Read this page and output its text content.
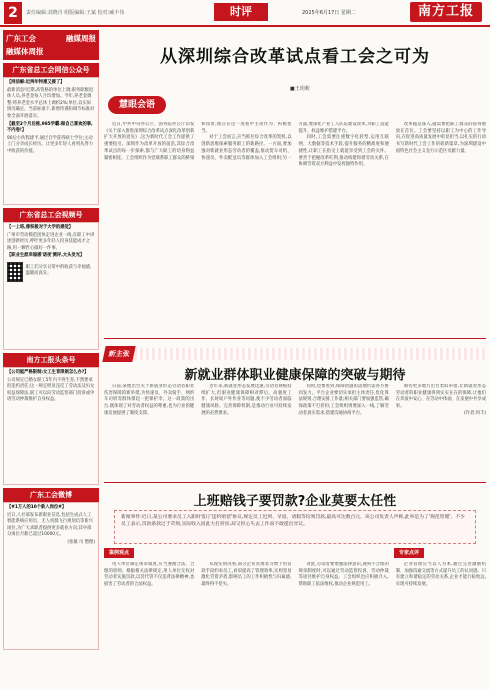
2	责任编辑:刘晓丹 组版编辑:王斌 校对:臧丰伟	时评	2025年6月17日 星期二	南方工报
广东工会	融媒周报
融媒体周报
广东省总工会网信公众号

【网信解:近两年特惠又援了】

最新消息!近期,高资格的单位上调;职务职级退休人员,养老金每人月均增加。今年,养老金调整:将养老金水平总体上调约2%;单位,以实际情况确定。当前标准下,新增待遇和调节标准对象全面开展落实。

【截至2个月后推,985学霸:做自己喜欢的事,不内卷!】

90后小伙程建平,通过自学获得硕士学位;主动上门分享成长经历。让更多年轻人看到从努力中收获的价值。

广东省总工会视频号

【一上班,像积极对于大学的感觉】

广州市劳动模范团体走进企业一线,在职工中讲述创新经历,呼吁更多年轻人投身技能成才之路,用一颗匠心做好一件事。

【职业生涯幸福感'诺夜'测评,大头发光】

职工们分享日常中的收获与幸福感,温暖而真实。

南方工报头条号

【公司能严格限制:女工生育限制怎么办?】

公司规定已婚女职工5年内不得生育,不然要承担违约责任;这一规定明显违反了劳动法及妇女权益保障法,职工可以向劳动监察部门投诉或申请劳动仲裁维护自身权益。

广东工会微博

【#1万人的10个新入岗位#】

近日,人社部发布新职业信息,包括生成式人工智能系统应用员、无人机群飞行规划员等新兴岗位,为广大求职者提供更多就业方向;其中部分岗位月薪已超过10000元。

(张敏 司 整理)

从深圳综合改革试点看工会之可为
■王玥莉
慧眼会语

近日,中共中央办公厅、国务院办公厅印发《关于深入推进深圳综合改革试点深化改革创新扩大开放的意见》,这为新时代工会工作提供了重要指引。深圳作为改革开放的前沿,其综合改革试点的每一步探索,都与广大职工的切身利益紧密相连。工会组织作为党联系职工群众的桥梁和纽带,理应在这一进程中主动作为、积极担当。

对于工会而言,应当抓住综合改革的契机,以创新思维探索服务职工的新路径。一方面,要加强对新就业形态劳动者的覆盖,推动货车司机、快递员、外卖配送员等群体加入工会组织;另一方面,要深化产业工人队伍建设改革,为职工技能提升、权益维护搭建平台。

同时,工会需要注重数字化转型,运用互联网、大数据等技术手段,提升服务的精准度和便捷性,让职工在指尖上就能享受到工会的关怀。要善于把握改革红利,推动构建和谐劳动关系,在协调劳资双方利益中发挥独特作用。

改革越是深入,越需要把职工群众的获得感放在首位。工会要坚持以职工为中心的工作导向,在促进高质量发展中彰显担当,以扎实的行动书写新时代工会工作的崭新篇章,为深圳建设中国特色社会主义先行示范区贡献力量。

新主张
新就业群体职业健康保障的突破与期待

日前,某地出台关于新就业形态劳动者职业伤害保障的新举措,为快递员、外卖骑手、网约车司机等群体撑起一把保护伞。这一政策的出台,既体现了对劳动者权益的尊重,也为行业的健康发展提供了制度支撑。

近年来,新就业形态发展迅速,劳动者规模持续扩大,但职业健康保障相对滞后。高强度工作、长时间户外作业等问题,使不少劳动者面临健康风险。完善保障机制,是推动行业可持续发展的必然要求。

同时,也要看到,保障措施的落地仍需各方协同发力。平台企业要切实承担主体责任,优化算法规则,合理安排工作量;相关部门要加强监管,确保政策不打折扣;工会组织则要深入一线,了解劳动者真实需求,搭建沟通协商平台。

期待更多地方出台类似举措,让新就业形态劳动者的职业健康得到实实在在的保障,让他们在奔波中安心、在劳动中体面、在发展中共享成果。

(作者:何丰)

上班赔钱子要罚款?企业莫要太任性
新闻事件:近日,某公司要求员工入职时签订'违约赔偿'协议,规定员工迟到、早退、请假等均须罚款,最高可达数百元。该公司负责人声称,此举是为了'规范管理'。不少员工表示,罚款条款过于苛刻,实际收入因此大打折扣,却又担心失去工作而不敢提出异议。
案例观点	专家点评

用人单位制定规章制度,应当遵循合法、合理的原则。根据相关法律规定,用人单位无权对劳动者实施罚款,以罚代管不仅违背法律精神,也损害了劳动者的合法权益。

从现实情况看,部分企业管理者习惯于用罚款手段约束员工,看似提高了管理效率,实则容易激化劳资矛盾,影响员工的工作积极性与归属感,最终得不偿失。

对此,劳动者要增强法律意识,遇到不合理的规章制度时,可以通过劳动监察投诉、劳动仲裁等途径维护自身权益。工会组织也应积极介入,帮助职工依法维权,推动企业规范用工。

企业管理应当以人为本,通过完善激励机制、加强沟通交流等方式提升员工的认同感。只有建立和谐稳定的劳动关系,企业才能行稳致远,实现可持续发展。
